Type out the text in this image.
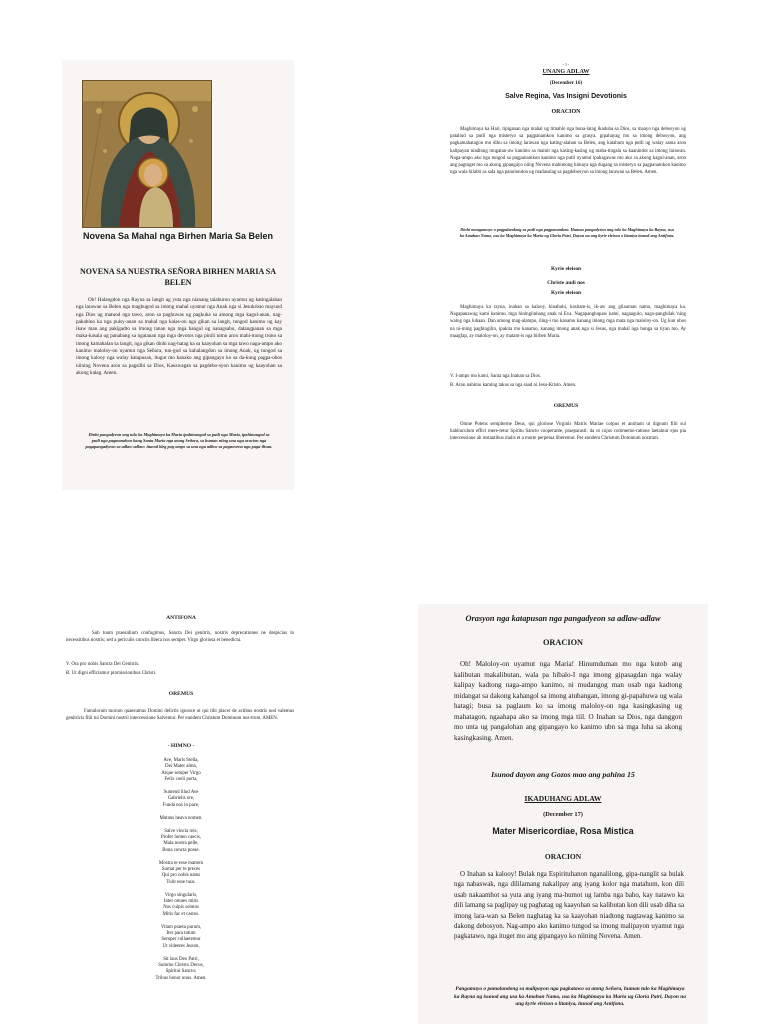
Novena Sa Mahal nga Birhen Maria Sa Belen
NOVENA SA NUESTRA SEÑORA BIRHEN MARIA SA BELEN
Oh! Halangdon nga Rayna sa langit ug yuta nga nianang talaburon uyamut ug katingalahan nga larawan sa Belen nga magbugod sa imong mahal uyamut nga Anak nga si Jesukristo mayuod nga Dios ug matuod nga tawo, aron sa paghuwas ug pagkuha sa among mga kagul-anan, nag-pakabino ka nga pulsy-anan sa mahal nga kalas-on nga gikan sa langit, tungod kanimo ug kay ikaw man ang pakigadto sa imong tanan nga mga hangul ug nanagsabu, dalangpanan sa mga maka-kasala ug panabang sa ngatanan nga mga devotos nga pinili nimo aron mahi-mong trono sa imong kamahalan sa langit, nga gikan dinhi nag-hatag ka sa kaayohan sa mga tawo naga-ampo ako kanimo maloloy-on uyamut nga Señora, tun-god sa kahalangdon sa imong Anak, ug tungod sa imong kalooy nga walay katapusan, itugut mo kanako ang gipangayo ko sa da-kung pagpa-ubos niining Novena aron sa pagsilbi sa Dios, Kauswagan sa pagdebo-syon kanimo ug kaayohan sa akong kalag. Amen.
Dinhi pangadyeon ang tulo ka Maghimaya ka Maria ipahinungod sa putli nga Maria, ipahinungod sa putli nga pagmanahon kang Santa Maria nga atong Señora, sa human niing una nga oracion nga pagapangadyeon sa adlaw-adlaw: itunod kleg pag-ampo sa una nga adlaw sa pagnovena nga paga-ilisan.
- 1 -
UNANG ADLAW
(December 16)
Salve Regina, Vas Insigni Devotionis
ORACION
Maghimaya ka Hari, tipiganan nga mahal ug timahlo nga buna-latag ikaduha sa Dios, sa maayo nga debosyon ug pataliud sa putli nga misteryo sa pagpanamkon kanimo sa grasya. gipahayag mo sa imong debosyon, ang pagkamahatagon mo dihu sa imong larawan nga kating-alahan sa Belen, ang katahum nga putli ug walay sama aron kalipayan niadtong mugatan-aw kanimo sa mainit nga kasing-kasing ug maha-tingala sa kaanindot sa imong larawan. Naga-ampo ako nga tungod sa pagpanamkon kanimo nga putli uyamut ipahagawas mo ako sa akong kagul-anan, aron ang pagtuget mo sa akong gipangayo niing Novena mahimong himaya nga dugang sa misteryo sa pagpanamkon kanimo nga wala hilabti sa sala nga panulondon ug madasulag sa pagdebosyon sa imong larawan sa Belen. Amen.
Dinhi mangamuyo o pagpalandong sa putli nga pagpanamkon. Human pangadyeon ang tulo ka Maghimaya ka Rayna, usa ka Amahan Namo, usa ka Maghimaya ka Maria ug Gloria Patri, Dayon na ang kyrie eleison o litaniya itunod ang Antifona.
Kyrie eleison
Christe audi nos
Kyrie eleison
Maghimaya ka rayna, inahan sa kalooy, kinabuhi, kasitam-is, ik-aw ang gilauman namo, maghimaya ka. Nagapanawag kami kanimo, mga hiningiinhang anak ni Eva. Nagapanghupaw kami, nagaagulo, naga-panghilak 'ning walog nga luhaan. Dan among mag-alampo, iling-i mo kanamo kanang imong mga mata nga maloloy-on. Ug kun ubos na ni-ining paghingilin, ipakita mo kanamo, kanang imong anak nga si Jesus, nga mahal nga bunga sa tiyan mo. Ay maagfap, ay maloloy-on, ay matam-is nga birhen Maria.
V. I-ampo mo kami, Santa nga Inahan sa Dios.
R. Aron nahimo kaming takus sa nga saad ni Jesu-Kristo. Amen.
OREMUS
Omne Potens sempiterne Deus, qui gloriose Virginis Matris Mariae corpus et animam ut dignum filii sui habitaculum effici mere-retur Spiritu Sancto cooperante, praeparasti: da ut cujus commemo-ratione laetamur ejus pia intercessione ab instantibus malis et a morte perpetua liberemur. Per eundem Christum Dominum nostrum.
ANTIFONA
Sub tuum praesidium confugimus, Sancta Dei genitrix, nostris deprecationes ne despicias in necessitibus nostris; sed a periculis cunctis libera nos semper. Virgo gloriosa et benedicta.
V. Ora pro nobis Sancta Dei Genitrix.
R. Ut digni efficiamur promissionibus Christi.
OREMUS
Famulorum tuorum quaesumus Domini delictis ignosce ut qui tibi placer de actibus nostris nod valemus genitricis filii tui Domini nostril intercessione Salvemur. Per eundem Christum Dominum nos-trum. AMEN.
- HIMNO -
Ave, Maris Stella,
Dei Mater alma,
Atque semper Virgo
Felix coeli porta,
Sumend illud Ave
Gabrielis ore,
Funda nos in pace,
Mutans heava nomen.
Salve vincla reis,
Profer lumen caecis,
Mala nostra pelle,
Bona cuncta posse.
Mostra te esse matrem
Sumat per te preces
Qui pro nobis natus
Tulit esse tuus.
Virgo singularis,
Inter omnes mitis
Nos culpis solutos
Mitis fac et castos.
Vitam praeta purum,
Iter para tutum
Semper collaetemur
Ut videntes Jesum,
Sit laus Deo Patri,
Summo Christo Decus,
Spiritui Sancto;
Tribus honor unus. Amen.
Orasyon nga katapusan nga pangadyeon sa adlaw-adlaw
ORACION
Oh! Maloloy-on uyamut nga Maria! Hinumduman mo nga kutob ang kalibutan makalibutan, wala pa hibalo-I nga imong gipasagdan nga walay kalipay kadtong naga-ampo kanimo, ni mudangog man usab nga kadtong midangat sa dakong kahangol sa imong atubangan, imong gi-papahuwa ug wala hatagi; busa sa paglaum ko sa imong maloloy-on nga kasingkasing ug mahatagon, ngaahapa ako sa imong mga tiil. O Inahan sa Dios, nga danggon mo unta ug pangalohan ang gipangayo ko kanimo ubn sa mga luha sa akong kasingkasing. Amen.
Isunod dayon ang Gozos mao ang pahina 15
IKADUHANG ADLAW
(December 17)
Mater Misericordiae, Rosa Mistica
ORACION
O Inahan sa kalooy! Bulak nga Espirituhanon nganalilong, gipa-nanglit sa bulak nga nabaswak, nga dililamang nakalipay ang iyang kolor nga matahum, kon dili usab nakaamhot sa yuta ang iyang ma-humot ug lamba nga baho, kay natawo ka dili lamang sa paglipay ug paghatag ug kaayohan sa kalibutan kon dili usab diha sa imong lara-wan sa Belen naghatag ka sa kaayohan niadtong nagtawag kanimo sa dakong debosyon. Nag-ampo ako kanimo tungod sa imong malipayon uyamut nga pagkatawo, nga ituget mo ang gipangayo ko niining Novena. Amen.
Pangamuyo o pamalandong sa malipayon nga pagkatawo sa atong Señora, human tulo ka Maghimaya ka Rayna ug isunod ang usa ka Amahan Namo, usa ka Maghimaya ka Maria ug Gloria Patri, Dayon na ang kyrie eleison o litaniya, itunod ang Antifona.
